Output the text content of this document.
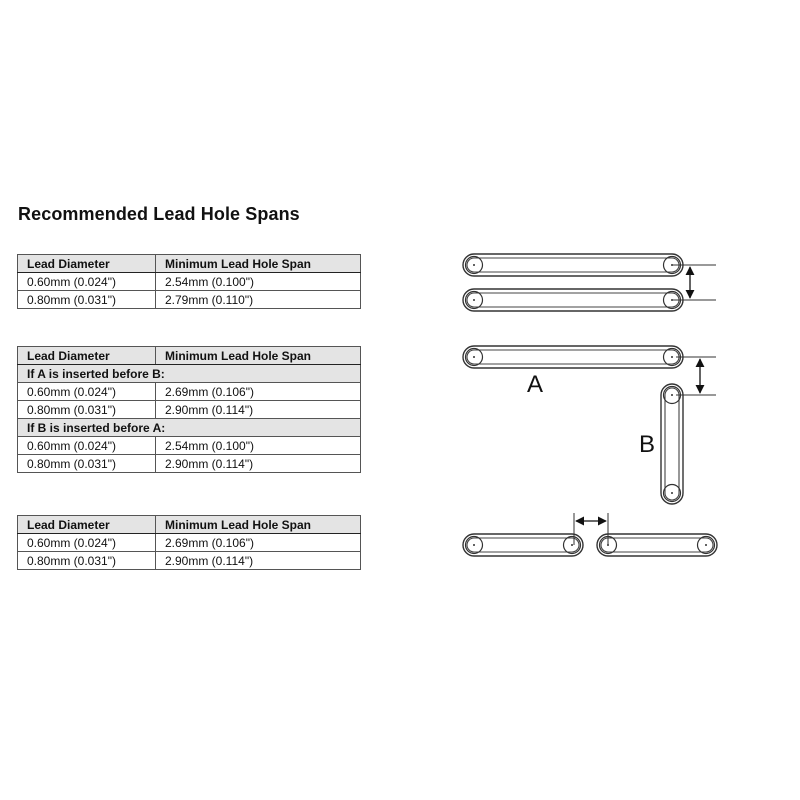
Recommended Lead Hole Spans
Lead Diameter	Minimum Lead Hole Span
0.60mm (0.024")	2.54mm (0.100")
0.80mm (0.031")	2.79mm (0.110")
Lead Diameter	Minimum Lead Hole Span
If A is inserted before B:	
0.60mm (0.024")	2.69mm (0.106")
0.80mm (0.031")	2.90mm (0.114")
If B is inserted before A:	
0.60mm (0.024")	2.54mm (0.100")
0.80mm (0.031")	2.90mm (0.114")
Lead Diameter	Minimum Lead Hole Span
0.60mm (0.024")	2.69mm (0.106")
0.80mm (0.031")	2.90mm (0.114")
A
B
